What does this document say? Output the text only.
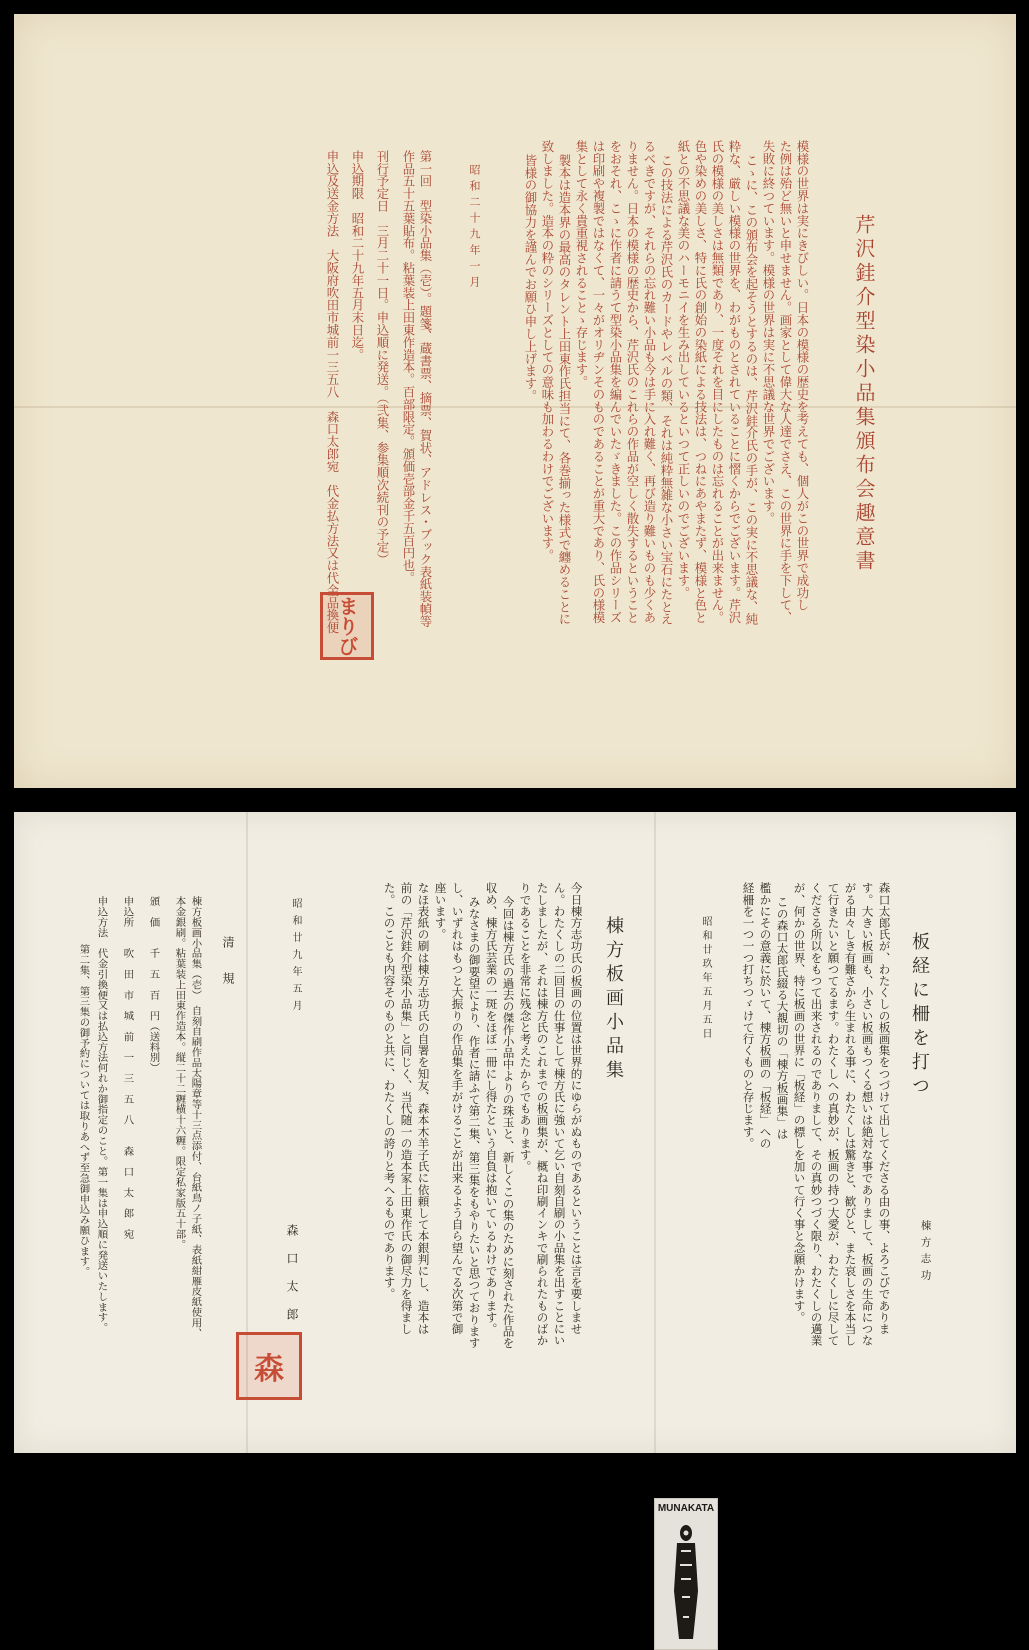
芹沢銈介型染小品集頒布会趣意書
模様の世界は実にきびしい。日本の模様の歴史を考えても、個人がこの世界で成功し
た例は殆ど無いと申せません。画家として偉大な人達でさえ、この世界に手を下して、
失敗に終つています。模様の世界は実に不思議な世界でございます。
こゝに、この頒布会を起そうとするのは、芹沢銈介氏の手が、この実に不思議な、純
粋な、厳しい模様の世界を、わがものとされていることに慴くからでございます。芹沢
氏の模様の美しさは無類であり、一度それを目にしたものは忘れることが出来ません。
色や染めの美しさ、特に氏の創始の染紙による技法は、つねにあやまたず、模様と色と
紙との不思議な美のハーモニイを生み出しているといつて正しいのでございます。
この技法による芹沢氏のカードやレベルの類、それは純粋無雑な小さい宝石にたとえ
るべきですが、それらの忘れ難い小品も今は手に入れ難く、再び造り難いものも少くあ
りません。日本の模様の歴史から、芹沢氏のこれらの作品が空しく散失するということ
をおそれ、こゝに作者に請うて型染小品集を編んでいたゞきました。この作品シリーズ
は印刷や複製ではなくて、一々がオリヂンそのものであることが重大であり、氏の様模
集として永く貴重視されることゝ存じます。
製本は造本界の最高のタレント上田東作氏担当にて、各巻揃った様式で纏めることに
致しました。造本の粋のシリーズとしての意味も加わるわけでございます。
皆様の御協力を謹んでお願ひ申し上げます。
昭和二十九年一月
第一回　型染小品集（壱）。題箋、蔵書票、摘票、賀状、アドレス・ブック表紙装幀等
作品五十五葉貼布。粘葉装上田東作造本。百部限定。頒価壱部金千五百円也。
刊行予定日　三月二十一日。申込順に発送。（弐集、参集順次続刊の予定）
申込期限　昭和二十九年五月末日迄。
申込及送金方法　大阪府吹田市城前一三五八　森口太郎宛　代金払方法又は代金品換便
まりび
板経に柵を打つ
棟方志功
森口太郎氏が、わたくしの板画集をつづけて出してくださる由の事、よろこびでありま
す。大きい板画も、小さい板画もつくる想いは絶対な事でありまして、板画の生命につな
がる由々しき有難さから生まれる事に、わたくしは驚きと、歓びと、また哀しさを本当し
て行きたいと願つてるます。わたくしへの真妙が、板画の持つ大愛が、わたくしに尽して
くださる所以をもつて出来されるのでありまして、その真妙つづく限り、わたくしの邁業
が、何かの世界、特に板画の世界に「板経」の標しを加いて行く事と念願かけます。
この森口太郎氏綴る大覩切の「棟方板画集」は
檻かにその意義に於いて、棟方板画の「板経」への
経柵を一つ一つ打ちつゞけて行くものと存じます。
昭和廿玖年五月五日
MUNAKATA
棟方板画小品集
今日棟方志功氏の板画の位置は世界的にゆらがぬものであるということは言を要しませ
ん。わたくしの二回目の仕事として棟方氏に強いて乞い自刻自刷の小品集を出すことにい
たしましたが、それは棟方氏のこれまでの板画集が、概ね印刷インキで刷られたものばか
りであることを非常に残念と考えたからでもあります。
今回は棟方氏の過去の傑作小品中よりの珠玉と、新しくこの集のために刻された作品を
収め、棟方氏芸業の一斑をほぼ一冊にし得たという自負は抱いているわけであります。
みなさまの御要望により、作者に請ふて第二集、第三集をもやりたいと思つております
し、いずれはもつと大振りの作品集を手がけることが出来るよう自ら望んでる次第で御
座います。
なほ表紙の刷は棟方志功氏の自署を知友、森本木羊子氏に依頼して本銀判にし、造本は
前の「芹沢銈介型染小品集」と同じく、当代随一の造本家上田東作氏の御尽力を得まし
た。このことも内容そのものと共に、わたくしの誇りと考へるものであります。
昭和廿九年五月
森口太郎
清　規
棟方板画小品集（壱）　自刻自刷作品太陽章等十三点添付、台紙鳥ノ子紙、表紙紺雁皮紙使用、
本金銀刷。粘葉装上田東作造本。縦二十二糎横十六糎。限定私家版五十部。
頒　価　　千　五　百　円（送料別）
申込所　　吹　田　市　城　前　一　三　五　八　　森　口　太　郎　宛
申込方法　代金引換便又は払込方法何れか御指定のこと。第一集は申込順に発送いたします。
第二集、第三集の御予約については取りあへず至急御申込み願ひます。
森
